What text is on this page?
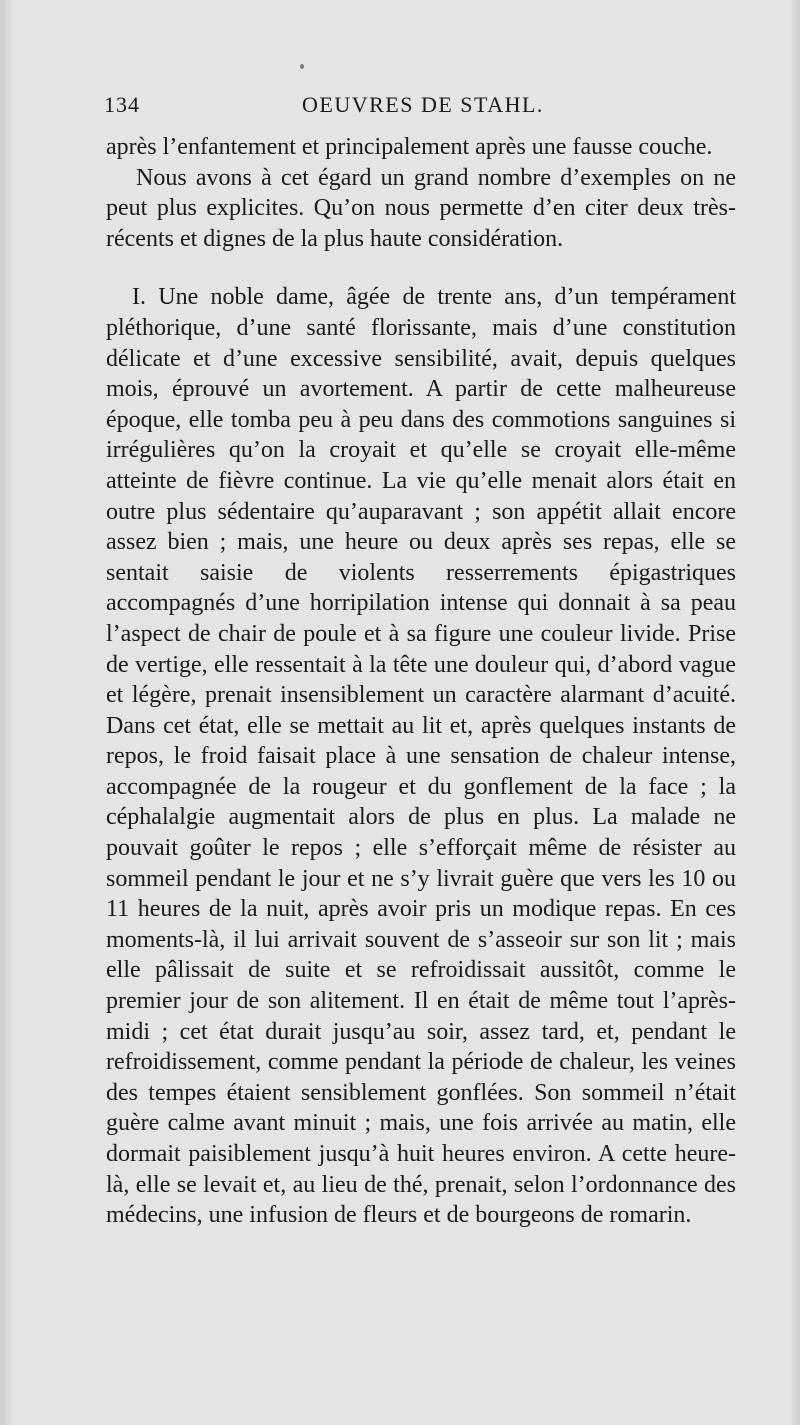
134	OEUVRES DE STAHL.

après l’enfantement et principalement après une fausse couche.

Nous avons à cet égard un grand nombre d’exemples on ne peut plus explicites. Qu’on nous permette d’en citer deux très-récents et dignes de la plus haute considération.

I. Une noble dame, âgée de trente ans, d’un tempérament pléthorique, d’une santé florissante, mais d’une constitution délicate et d’une excessive sensibilité, avait, depuis quelques mois, éprouvé un avortement. A partir de cette malheureuse époque, elle tomba peu à peu dans des commotions sanguines si irrégulières qu’on la croyait et qu’elle se croyait elle-même atteinte de fièvre continue. La vie qu’elle menait alors était en outre plus sédentaire qu’auparavant ; son appétit allait encore assez bien ; mais, une heure ou deux après ses repas, elle se sentait saisie de violents resserrements épigastriques accompagnés d’une horripilation intense qui donnait à sa peau l’aspect de chair de poule et à sa figure une couleur livide. Prise de vertige, elle ressentait à la tête une douleur qui, d’abord vague et légère, prenait insensiblement un caractère alarmant d’acuité. Dans cet état, elle se mettait au lit et, après quelques instants de repos, le froid faisait place à une sensation de chaleur intense, accompagnée de la rougeur et du gonflement de la face ; la céphalalgie augmentait alors de plus en plus. La malade ne pouvait goûter le repos ; elle s’efforçait même de résister au sommeil pendant le jour et ne s’y livrait guère que vers les 10 ou 11 heures de la nuit, après avoir pris un modique repas. En ces moments-là, il lui arrivait souvent de s’asseoir sur son lit ; mais elle pâlissait de suite et se refroidissait aussitôt, comme le premier jour de son alitement. Il en était de même tout l’après-midi ; cet état durait jusqu’au soir, assez tard, et, pendant le refroidissement, comme pendant la période de chaleur, les veines des tempes étaient sensiblement gonflées. Son sommeil n’était guère calme avant minuit ; mais, une fois arrivée au matin, elle dormait paisiblement jusqu’à huit heures environ. A cette heure-là, elle se levait et, au lieu de thé, prenait, selon l’ordonnance des médecins, une infusion de fleurs et de bourgeons de romarin.
